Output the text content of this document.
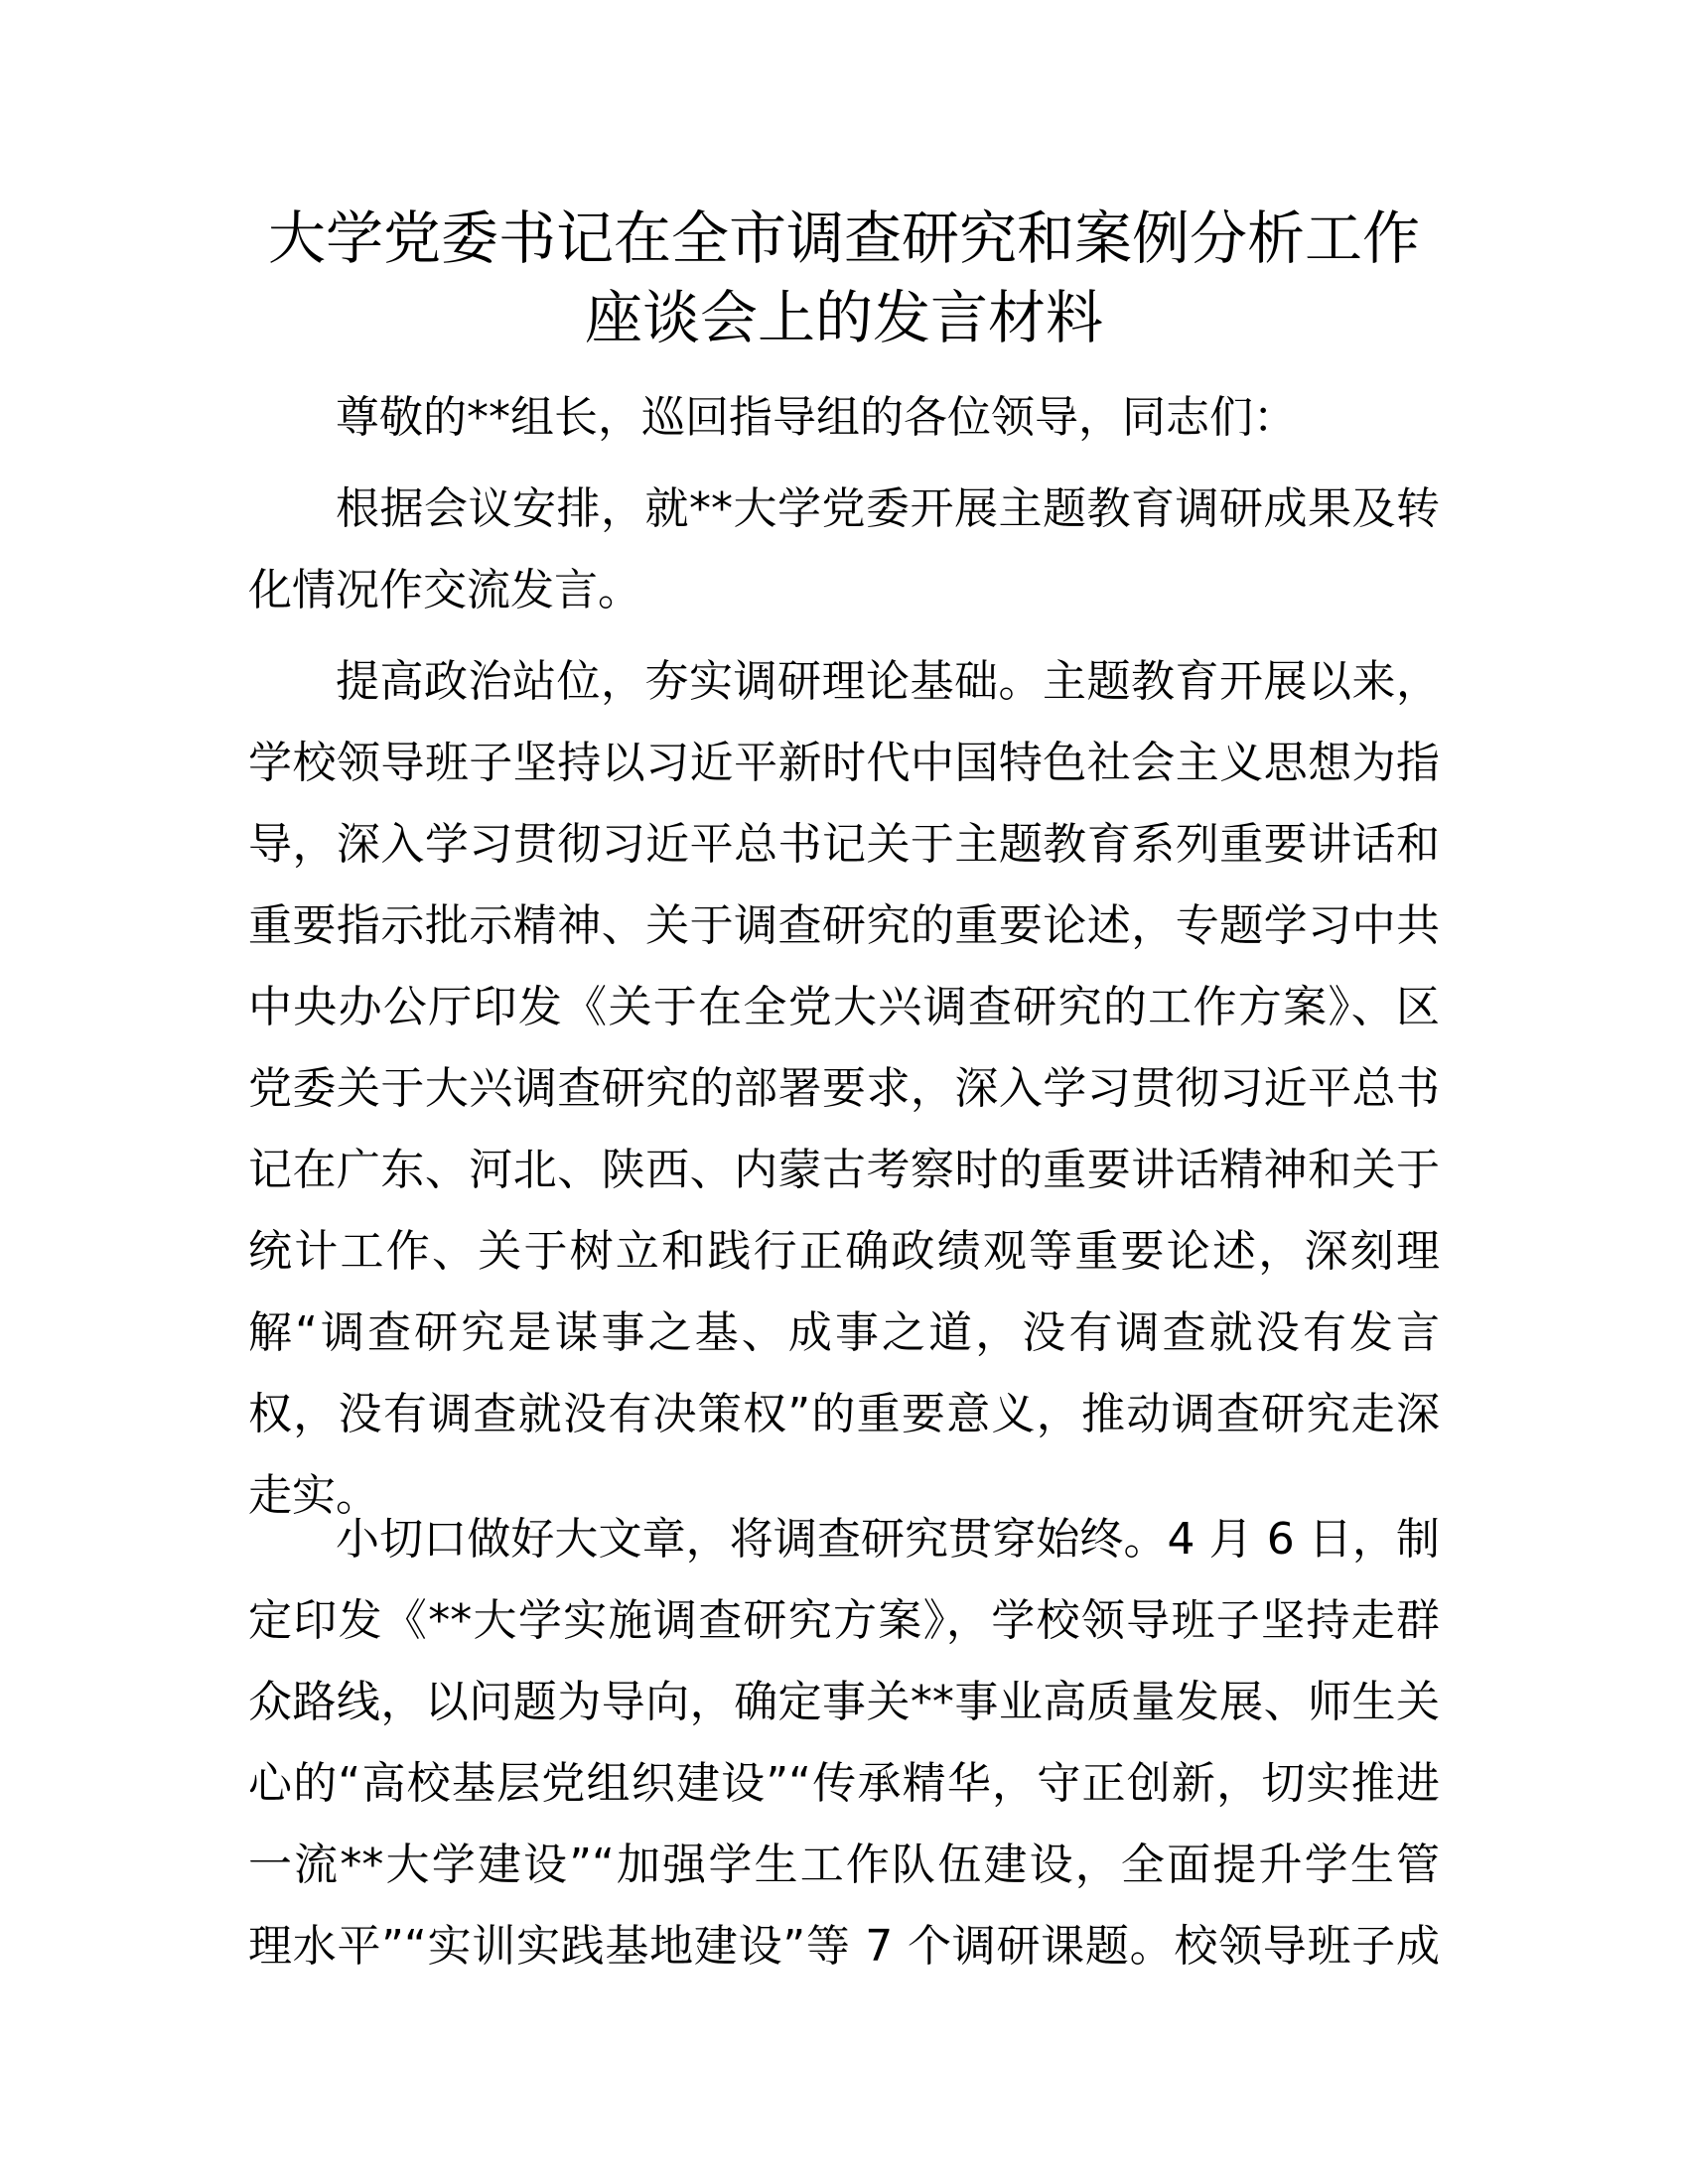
大学党委书记在全市调查研究和案例分析工作
座谈会上的发言材料
尊敬的**组长，巡回指导组的各位领导，同志们：
根据会议安排，就**大学党委开展主题教育调研成果及转
化情况作交流发言。
提高政治站位，夯实调研理论基础。主题教育开展以来，
学校领导班子坚持以习近平新时代中国特色社会主义思想为指
导，深入学习贯彻习近平总书记关于主题教育系列重要讲话和
重要指示批示精神、关于调查研究的重要论述，专题学习中共
中央办公厅印发《关于在全党大兴调查研究的工作方案》、区
党委关于大兴调查研究的部署要求，深入学习贯彻习近平总书
记在广东、河北、陕西、内蒙古考察时的重要讲话精神和关于
统计工作、关于树立和践行正确政绩观等重要论述，深刻理
解“调查研究是谋事之基、成事之道，没有调查就没有发言
权，没有调查就没有决策权”的重要意义，推动调查研究走深
走实。
小切口做好大文章，将调查研究贯穿始终。4 月 6 日，制
定印发《**大学实施调查研究方案》，学校领导班子坚持走群
众路线，以问题为导向，确定事关**事业高质量发展、师生关
心的“高校基层党组织建设”“传承精华，守正创新，切实推进
一流**大学建设”“加强学生工作队伍建设，全面提升学生管
理水平”“实训实践基地建设”等 7 个调研课题。校领导班子成
